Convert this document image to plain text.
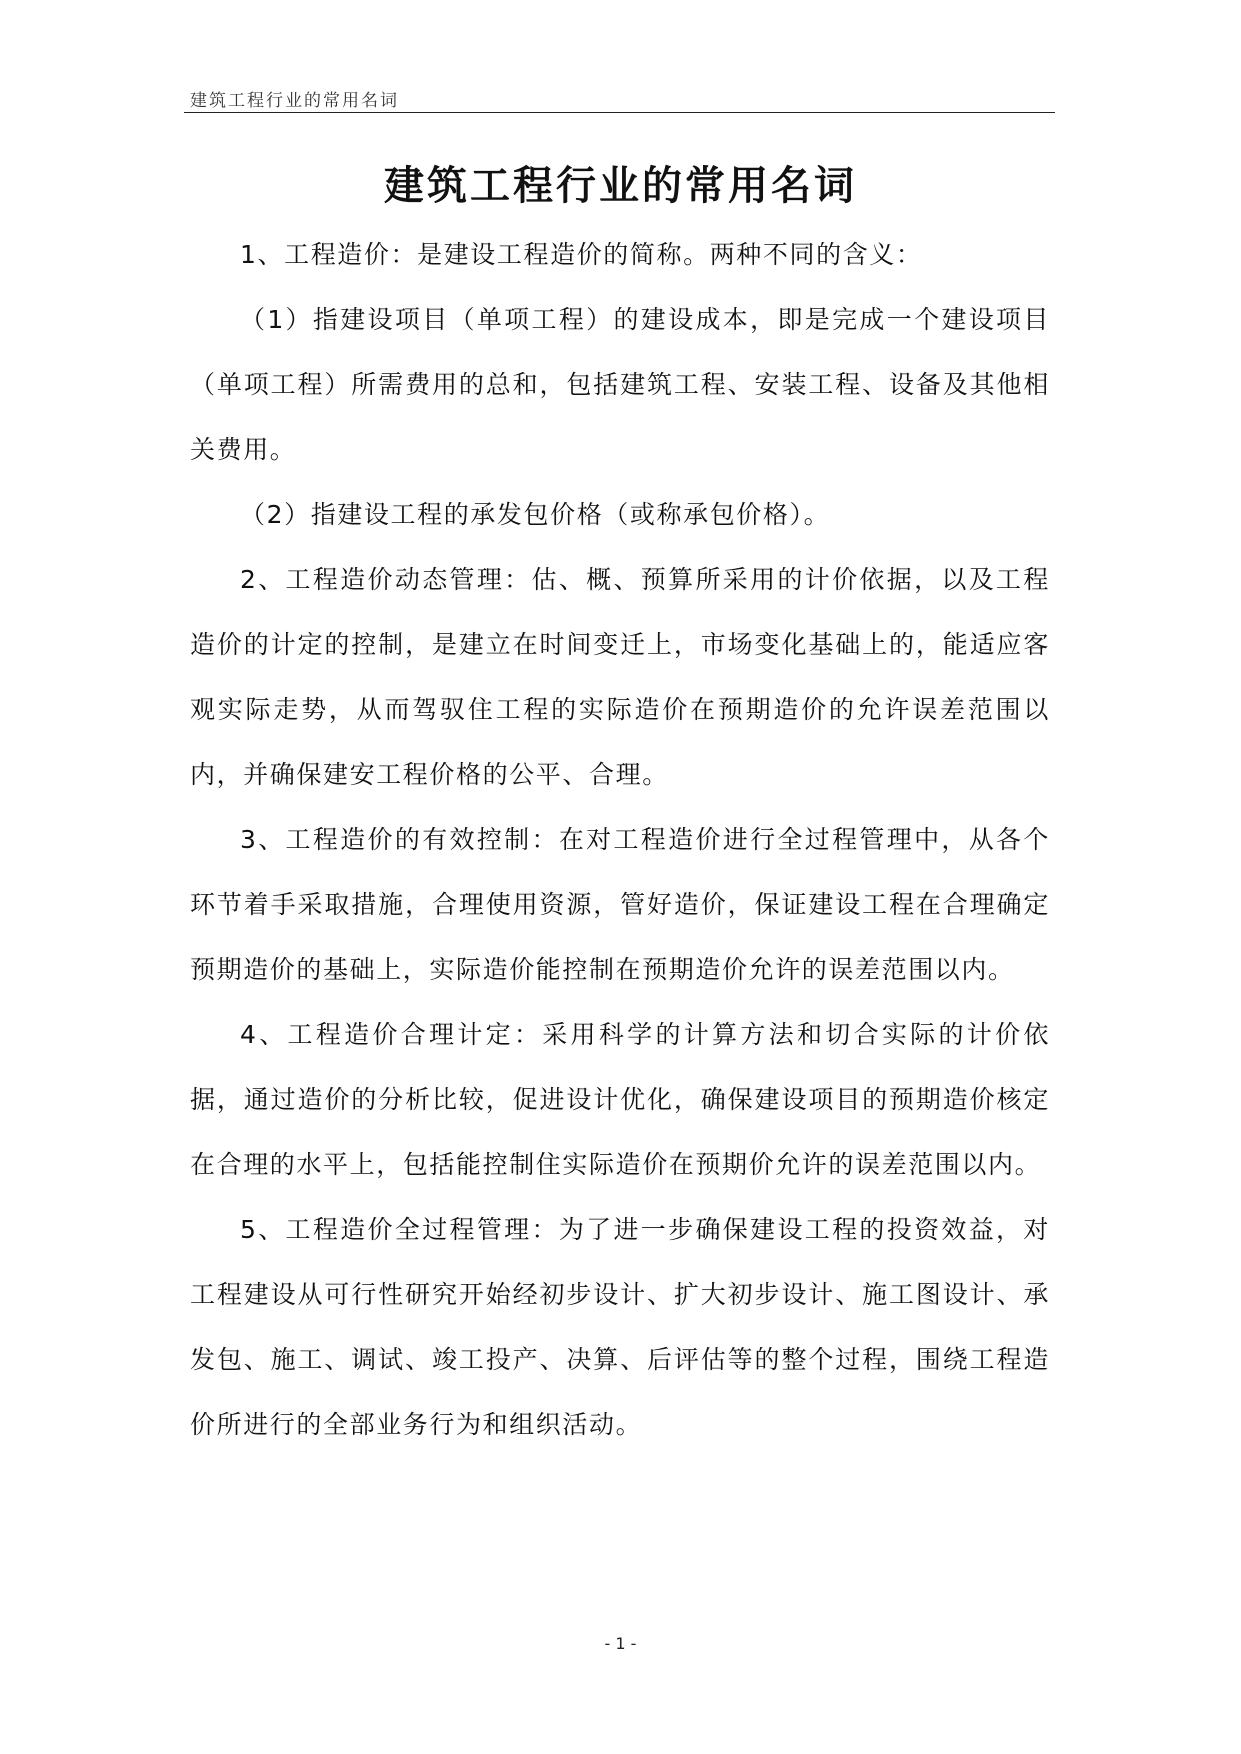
建筑工程行业的常用名词
建筑工程行业的常用名词

1、工程造价：是建设工程造价的简称。两种不同的含义：

（1）指建设项目（单项工程）的建设成本，即是完成一个建设项目（单项工程）所需费用的总和，包括建筑工程、安装工程、设备及其他相关费用。

（2）指建设工程的承发包价格（或称承包价格）。

2、工程造价动态管理：估、概、预算所采用的计价依据，以及工程造价的计定的控制，是建立在时间变迁上，市场变化基础上的，能适应客观实际走势，从而驾驭住工程的实际造价在预期造价的允许误差范围以内，并确保建安工程价格的公平、合理。

3、工程造价的有效控制：在对工程造价进行全过程管理中，从各个环节着手采取措施，合理使用资源，管好造价，保证建设工程在合理确定预期造价的基础上，实际造价能控制在预期造价允许的误差范围以内。

4、工程造价合理计定：采用科学的计算方法和切合实际的计价依据，通过造价的分析比较，促进设计优化，确保建设项目的预期造价核定在合理的水平上，包括能控制住实际造价在预期价允许的误差范围以内。

5、工程造价全过程管理：为了进一步确保建设工程的投资效益，对工程建设从可行性研究开始经初步设计、扩大初步设计、施工图设计、承发包、施工、调试、竣工投产、决算、后评估等的整个过程，围绕工程造价所进行的全部业务行为和组织活动。

- 1 -
